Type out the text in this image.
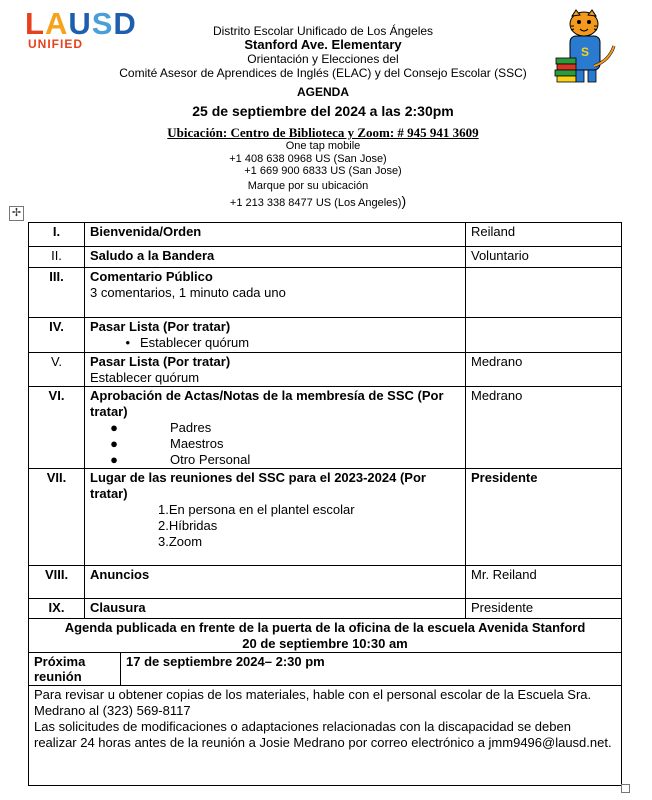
LAUSD
UNIFIED
S
Distrito Escolar Unificado de Los Ángeles
Stanford Ave. Elementary
Orientación y Elecciones del
Comité Asesor de Aprendices de Inglés (ELAC) y del Consejo Escolar (SSC)
AGENDA
25 de septiembre del 2024 a las 2:30pm
Ubicación: Centro de Biblioteca y Zoom: # 945 941 3609
One tap mobile
+1 408 638 0968 US (San Jose)
+1 669 900 6833 US (San Jose)
Marque por su ubicación
+1 213 338 8477 US (Los Angeles))
✢
I.	Bienvenida/Orden		Reiland
II.	Saludo a la Bandera		Voluntario
III.	Comentario Público
3 comentarios, 1 minuto cada uno		

IV.	Pasar Lista (Por tratar)
• Establecer quórum		

V.	Pasar Lista (Por tratar)
Establecer quórum		Medrano
VI.	Aprobación de Actas/Notas de la membresía de SSC (Por tratar)
● Padres
● Maestros
● Otro Personal		Medrano
VII.	Lugar de las reuniones del SSC para el 2023-2024 (Por tratar)
1.En persona en el plantel escolar
2.Híbridas
3.Zoom		Presidente
VIII.	Anuncios		Mr. Reiland
IX.	Clausura		Presidente

Agenda publicada en frente de la puerta de la oficina de la escuela Avenida Stanford
20 de septiembre 10:30 am			

Próxima reunión		17 de septiembre 2024– 2:30 pm	

Para revisar u obtener copias de los materiales, hable con el personal escolar de la Escuela Sra. Medrano al (323) 569-8117
Las solicitudes de modificaciones o adaptaciones relacionadas con la discapacidad se deben realizar 24 horas antes de la reunión a Josie Medrano por correo electrónico a jmm9496@lausd.net.			
